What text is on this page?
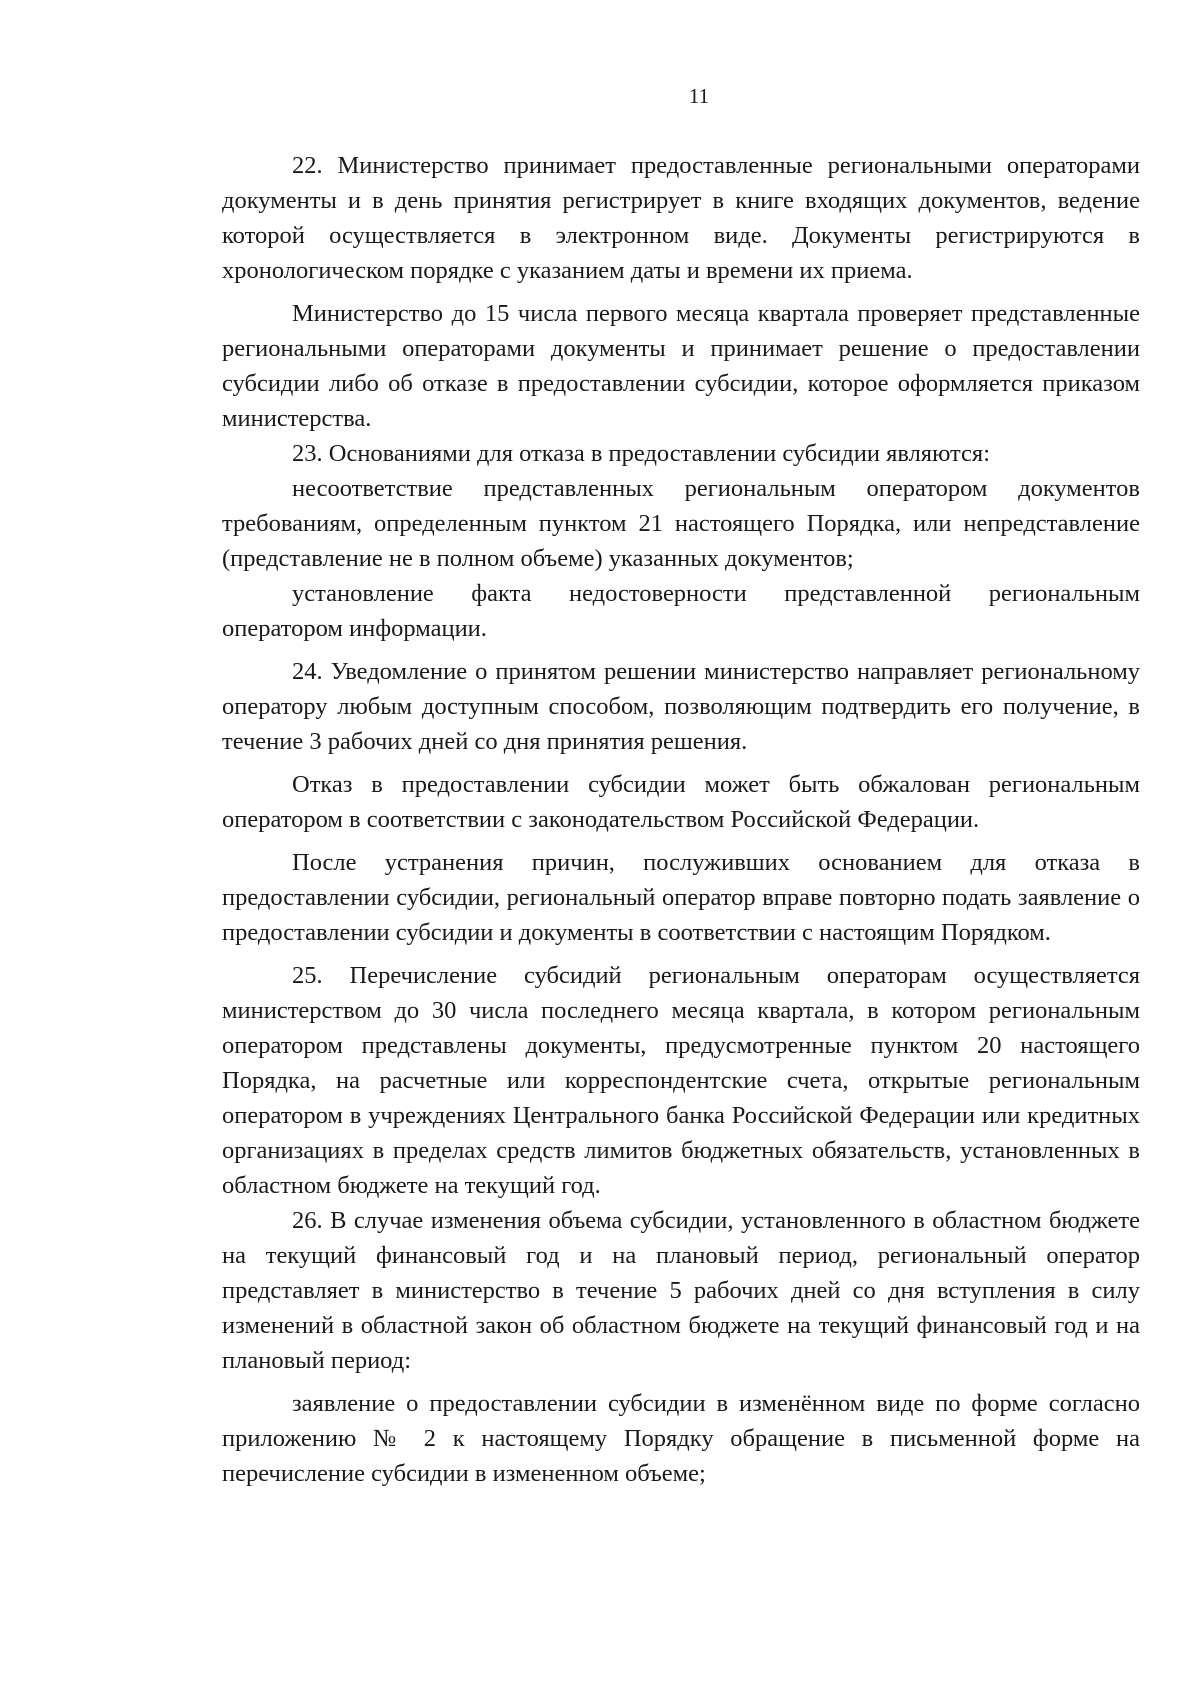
11

22. Министерство принимает предоставленные региональными операторами документы и в день принятия регистрирует в книге входящих документов, ведение которой осуществляется в электронном виде. Документы регистрируются в хронологическом порядке с указанием даты и времени их приема.

Министерство до 15 числа первого месяца квартала проверяет представленные региональными операторами документы и принимает решение о предоставлении субсидии либо об отказе в предоставлении субсидии, которое оформляется приказом министерства.

23. Основаниями для отказа в предоставлении субсидии являются:

несоответствие представленных региональным оператором документов требованиям, определенным пунктом 21 настоящего Порядка, или непредставление (представление не в полном объеме) указанных документов;

установление факта недостоверности представленной региональным оператором информации.

24. Уведомление о принятом решении министерство направляет региональному оператору любым доступным способом, позволяющим подтвердить его получение, в течение 3 рабочих дней со дня принятия решения.

Отказ в предоставлении субсидии может быть обжалован региональным оператором в соответствии с законодательством Российской Федерации.

После устранения причин, послуживших основанием для отказа в предоставлении субсидии, региональный оператор вправе повторно подать заявление о предоставлении субсидии и документы в соответствии с настоящим Порядком.

25. Перечисление субсидий региональным операторам осуществляется министерством до 30 числа последнего месяца квартала, в котором региональным оператором представлены документы, предусмотренные пунктом 20 настоящего Порядка, на расчетные или корреспондентские счета, открытые региональным оператором в учреждениях Центрального банка Российской Федерации или кредитных организациях в пределах средств лимитов бюджетных обязательств, установленных в областном бюджете на текущий год.

26. В случае изменения объема субсидии, установленного в областном бюджете на текущий финансовый год и на плановый период, региональный оператор представляет в министерство в течение 5 рабочих дней со дня вступления в силу изменений в областной закон об областном бюджете на текущий финансовый год и на плановый период:

заявление о предоставлении субсидии в изменённом виде по форме согласно приложению № 2 к настоящему Порядку обращение в письменной форме на перечисление субсидии в измененном объеме;
